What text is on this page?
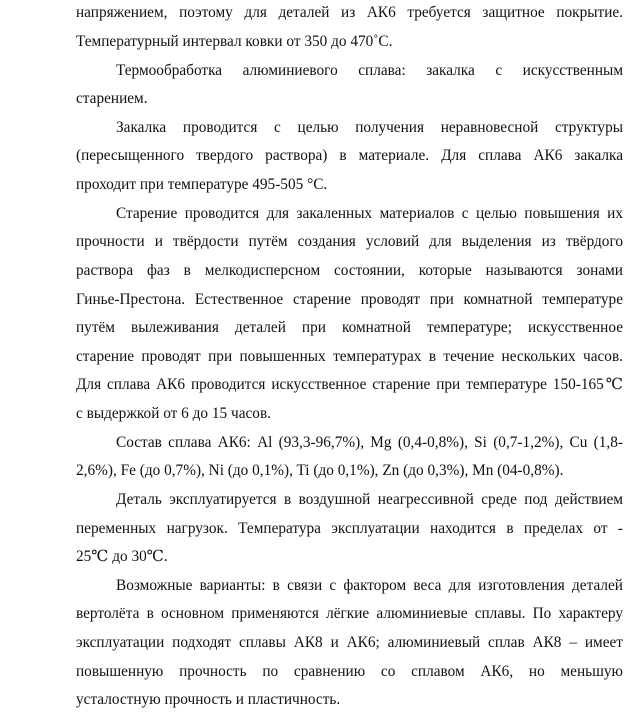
напряжением, поэтому для деталей из АК6 требуется защитное покрытие.
Температурный интервал ковки от 350 до 470˚С.
Термообработка алюминиевого сплава: закалка с искусственным
старением.
Закалка проводится с целью получения неравновесной структуры
(пересыщенного твердого раствора) в материале. Для сплава АК6 закалка
проходит при температуре 495-505 °С.
Старение проводится для закаленных материалов с целью повышения их
прочности и твёрдости путём создания условий для выделения из твёрдого
раствора фаз в мелкодисперсном состоянии, которые называются зонами
Гинье-Престона. Естественное старение проводят при комнатной температуре
путём вылеживания деталей при комнатной температуре; искусственное
старение проводят при повышенных температурах в течение нескольких часов.
Для сплава АК6 проводится искусственное старение при температуре 150-165℃
с выдержкой от 6 до 15 часов.
Состав сплава АК6: Al (93,3-96,7%), Mg (0,4-0,8%), Si (0,7-1,2%), Cu (1,8-
2,6%), Fe (до 0,7%), Ni (до 0,1%), Ti (до 0,1%), Zn (до 0,3%), Mn (04-0,8%).
Деталь эксплуатируется в воздушной неагрессивной среде под действием
переменных нагрузок. Температура эксплуатации находится в пределах от -
25℃ до 30℃.
Возможные варианты: в связи с фактором веса для изготовления деталей
вертолёта в основном применяются лёгкие алюминиевые сплавы. По характеру
эксплуатации подходят сплавы АК8 и АК6; алюминиевый сплав АК8 – имеет
повышенную прочность по сравнению со сплавом АК6, но меньшую
усталостную прочность и пластичность.
